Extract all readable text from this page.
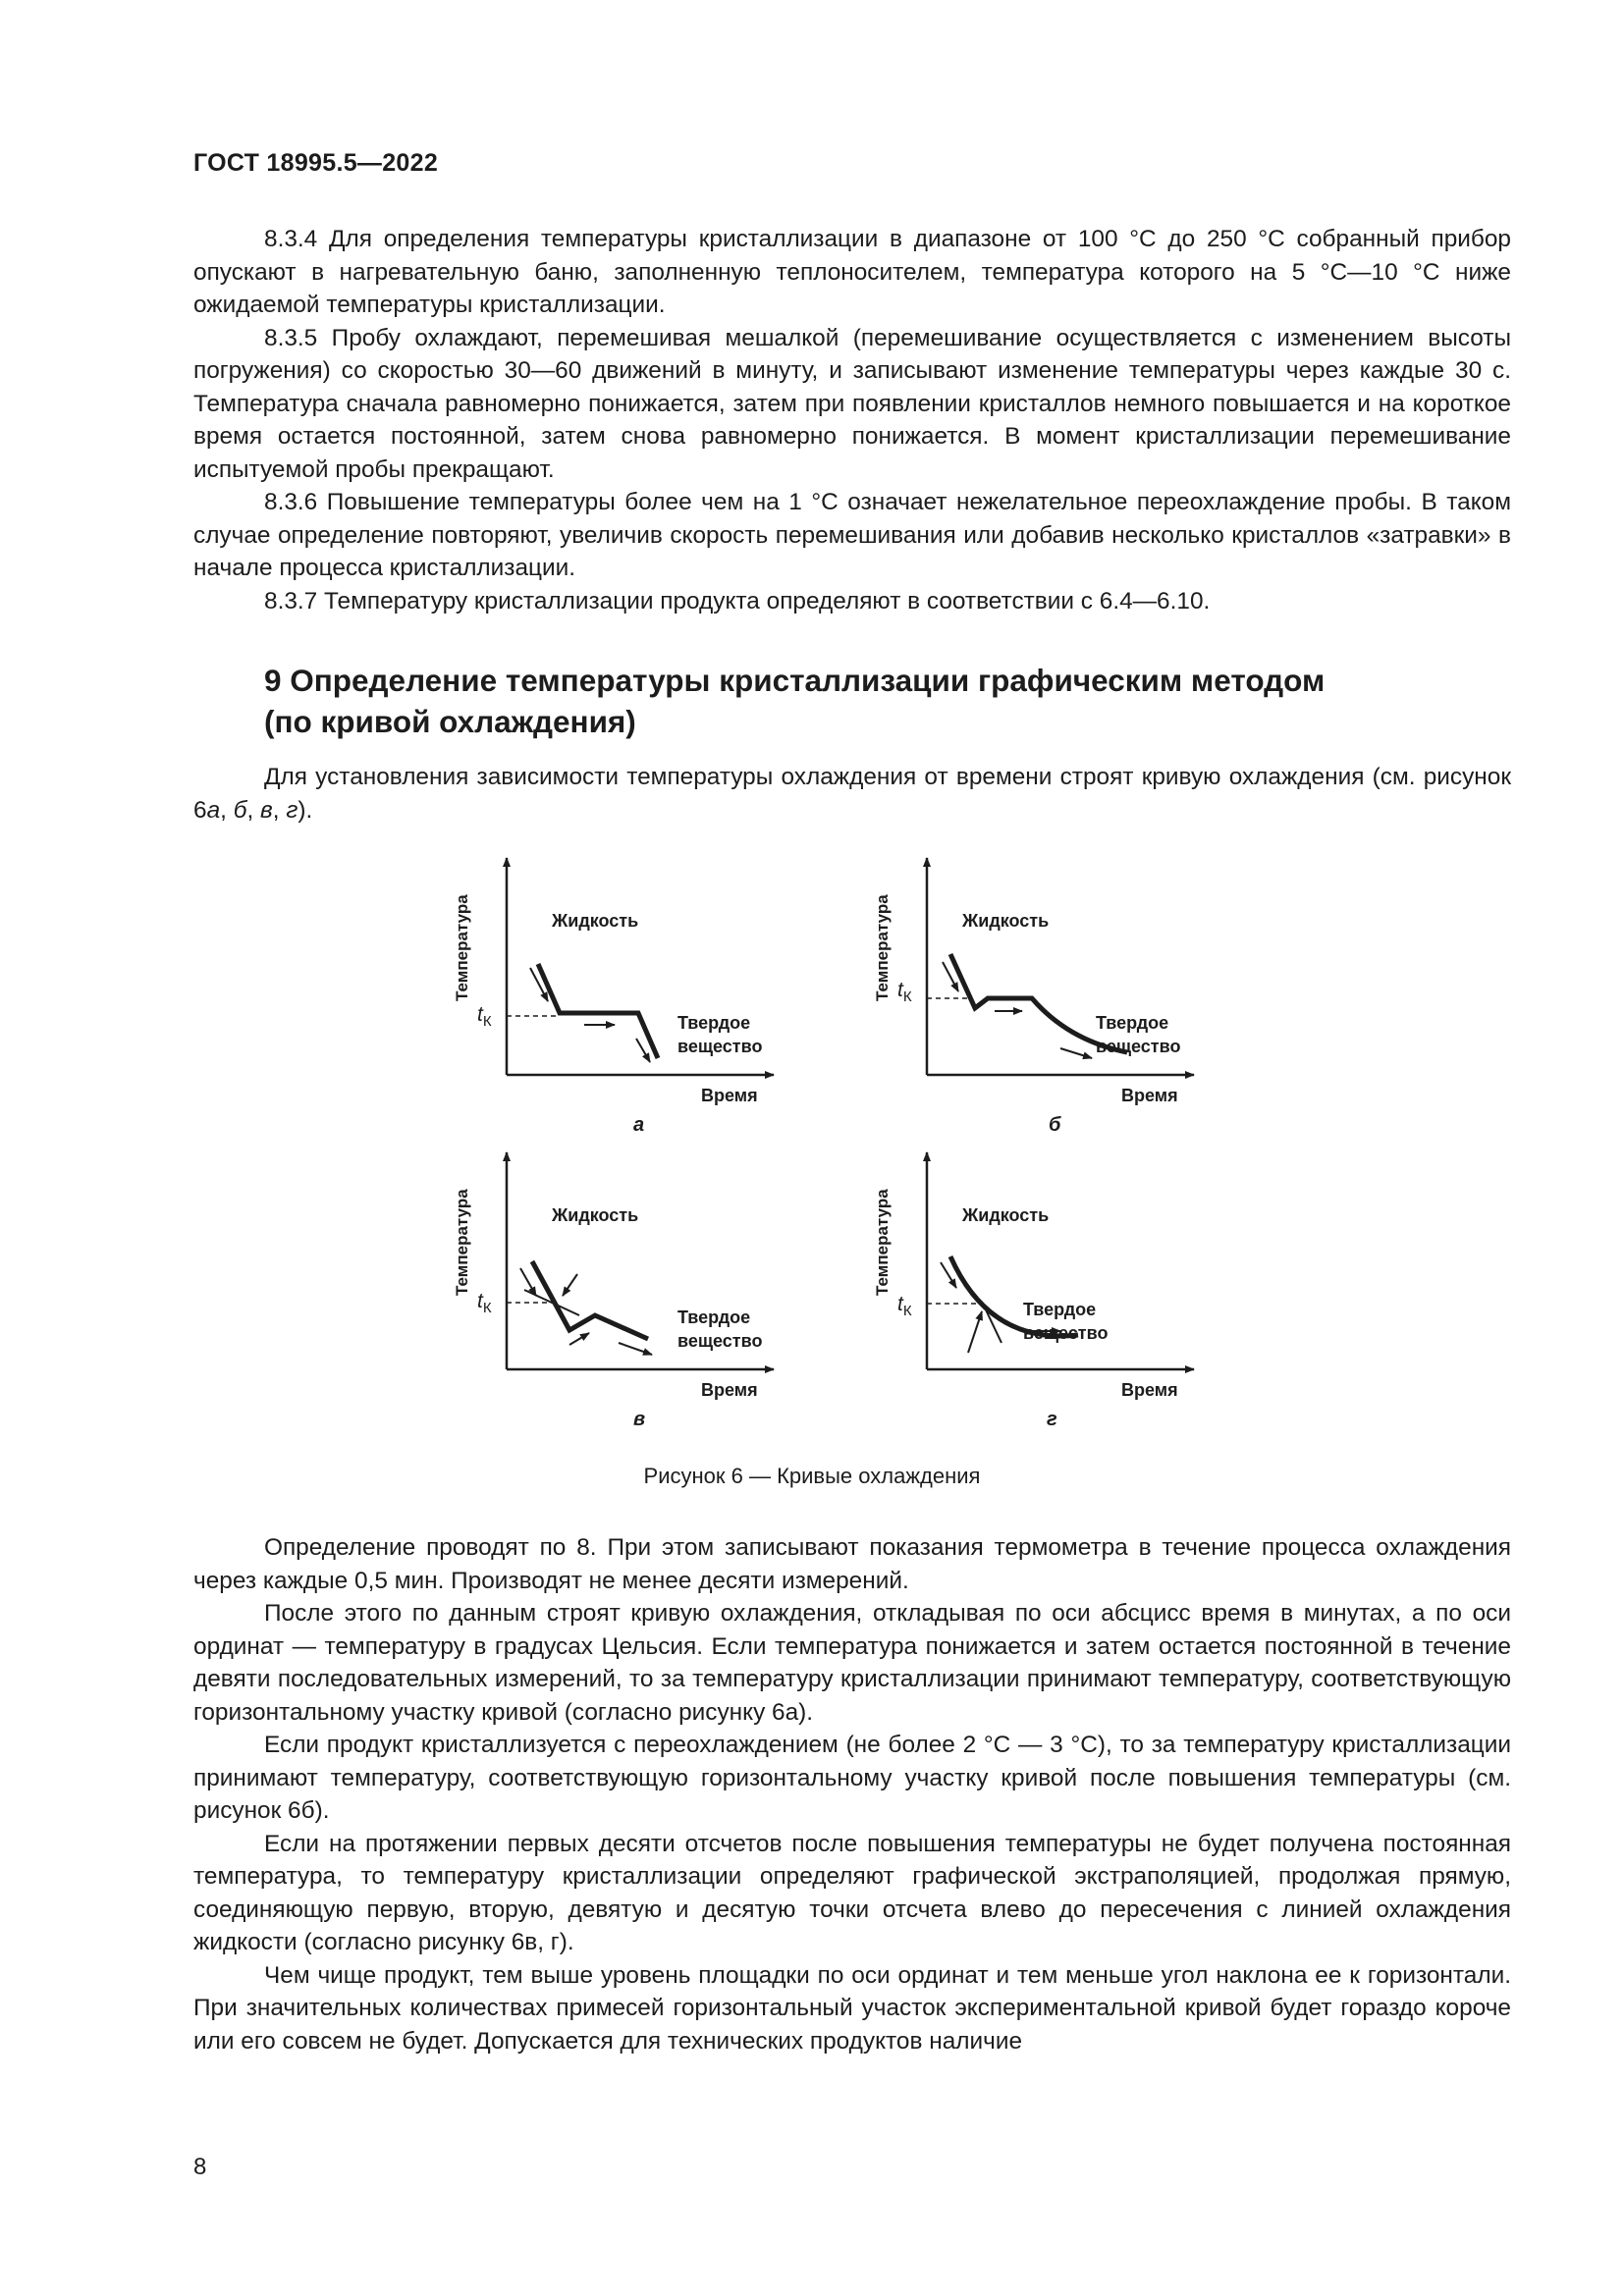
ГОСТ 18995.5—2022

8.3.4 Для определения температуры кристаллизации в диапазоне от 100 °С до 250 °С собранный прибор опускают в нагревательную баню, заполненную теплоносителем, температура которого на 5 °С—10 °С ниже ожидаемой температуры кристаллизации.

8.3.5 Пробу охлаждают, перемешивая мешалкой (перемешивание осуществляется с изменением высоты погружения) со скоростью 30—60 движений в минуту, и записывают изменение температуры через каждые 30 с. Температура сначала равномерно понижается, затем при появлении кристаллов немного повышается и на короткое время остается постоянной, затем снова равномерно понижается. В момент кристаллизации перемешивание испытуемой пробы прекращают.

8.3.6 Повышение температуры более чем на 1 °С означает нежелательное переохлаждение пробы. В таком случае определение повторяют, увеличив скорость перемешивания или добавив несколько кристаллов «затравки» в начале процесса кристаллизации.

8.3.7 Температуру кристаллизации продукта определяют в соответствии с 6.4—6.10.

9 Определение температуры кристаллизации графическим методом
(по кривой охлаждения)

Для установления зависимости температуры охлаждения от времени строят кривую охлаждения (см. рисунок 6а, б, в, г).

Температура
$t_К$
Жидкость
Твердое
вещество
Время
а
Температура $t_К$
Жидкость
Твердое
вещество
Время
б
Температура
$t_К$
Жидкость
Твердое
вещество
Время
в
Температура
$t_К$
Жидкость
Твердое
вещество
Время
г
Рисунок 6 — Кривые охлаждения

Определение проводят по 8. При этом записывают показания термометра в течение процесса охлаждения через каждые 0,5 мин. Производят не менее десяти измерений.

После этого по данным строят кривую охлаждения, откладывая по оси абсцисс время в минутах, а по оси ординат — температуру в градусах Цельсия. Если температура понижается и затем остается постоянной в течение девяти последовательных измерений, то за температуру кристаллизации принимают температуру, соответствующую горизонтальному участку кривой (согласно рисунку 6а).

Если продукт кристаллизуется с переохлаждением (не более 2 °С — 3 °С), то за температуру кристаллизации принимают температуру, соответствующую горизонтальному участку кривой после повышения температуры (см. рисунок 6б).

Если на протяжении первых десяти отсчетов после повышения температуры не будет получена постоянная температура, то температуру кристаллизации определяют графической экстраполяцией, продолжая прямую, соединяющую первую, вторую, девятую и десятую точки отсчета влево до пересечения с линией охлаждения жидкости (согласно рисунку 6в, г).

Чем чище продукт, тем выше уровень площадки по оси ординат и тем меньше угол наклона ее к горизонтали. При значительных количествах примесей горизонтальный участок экспериментальной кривой будет гораздо короче или его совсем не будет. Допускается для технических продуктов наличие

8
